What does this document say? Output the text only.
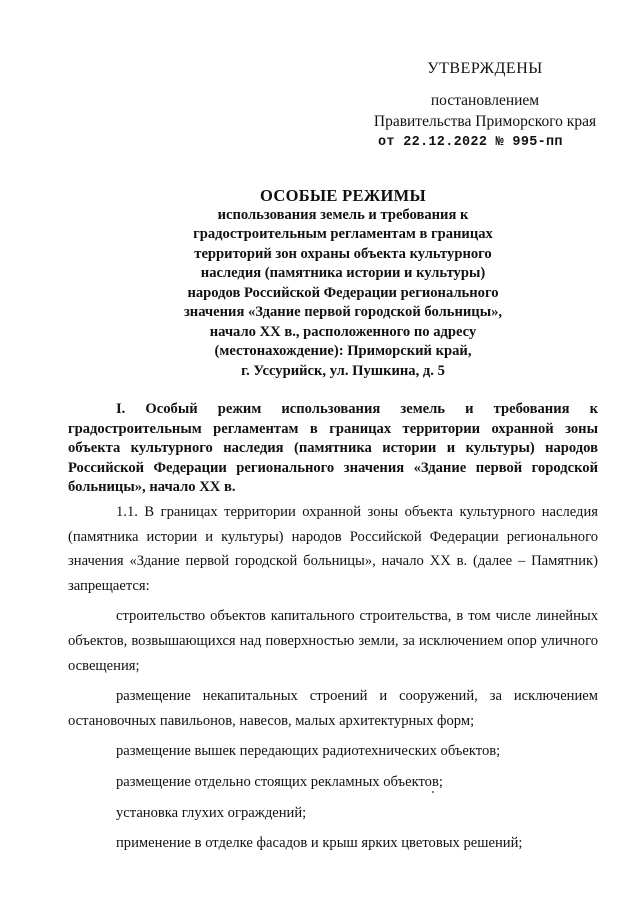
УТВЕРЖДЕНЫ
постановлением
Правительства Приморского края
от 22.12.2022 № 995-пп
ОСОБЫЕ РЕЖИМЫ
использования земель и требования к
градостроительным регламентам в границах
территорий зон охраны объекта культурного
наследия (памятника истории и культуры)
народов Российской Федерации регионального
значения «Здание первой городской больницы»,
начало XX в., расположенного по адресу
(местонахождение): Приморский край,
г. Уссурийск, ул. Пушкина, д. 5
I. Особый режим использования земель и требования к градостроительным регламентам в границах территории охранной зоны объекта культурного наследия (памятника истории и культуры) народов Российской Федерации регионального значения «Здание первой городской больницы», начало XX в.

1.1. В границах территории охранной зоны объекта культурного наследия (памятника истории и культуры) народов Российской Федерации регионального значения «Здание первой городской больницы», начало XX в. (далее – Памятник) запрещается:

строительство объектов капитального строительства, в том числе линейных объектов, возвышающихся над поверхностью земли, за исключением опор уличного освещения;

размещение некапитальных строений и сооружений, за исключением остановочных павильонов, навесов, малых архитектурных форм;

размещение вышек передающих радиотехнических объектов;

размещение отдельно стоящих рекламных объектов;

установка глухих ограждений;

применение в отделке фасадов и крыш ярких цветовых решений;
